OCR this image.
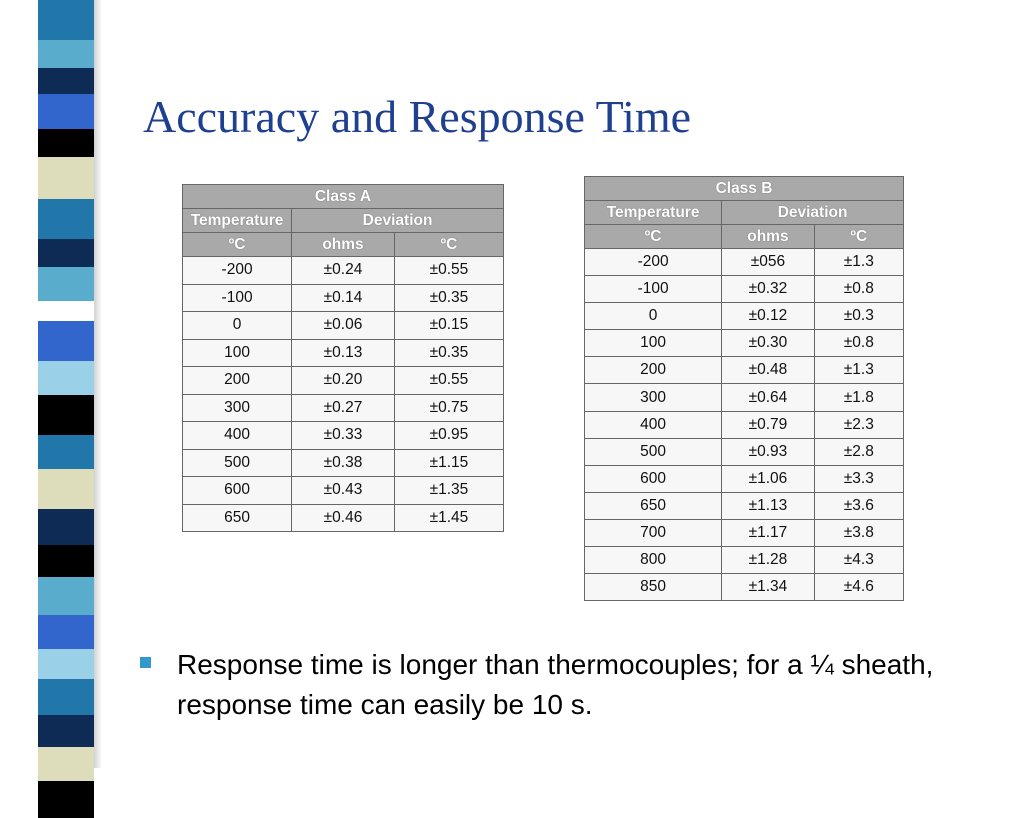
Accuracy and Response Time
Class A		
Temperature	Deviation	
ºC	ohms	ºC
-200	±0.24	±0.55
-100	±0.14	±0.35
0	±0.06	±0.15
100	±0.13	±0.35
200	±0.20	±0.55
300	±0.27	±0.75
400	±0.33	±0.95
500	±0.38	±1.15
600	±0.43	±1.35
650	±0.46	±1.45
Class B		
Temperature	Deviation	
ºC	ohms	ºC
-200	±056	±1.3
-100	±0.32	±0.8
0	±0.12	±0.3
100	±0.30	±0.8
200	±0.48	±1.3
300	±0.64	±1.8
400	±0.79	±2.3
500	±0.93	±2.8
600	±1.06	±3.3
650	±1.13	±3.6
700	±1.17	±3.8
800	±1.28	±4.3
850	±1.34	±4.6
Response time is longer than thermocouples; for a ¼ sheath, response time can easily be 10 s.
